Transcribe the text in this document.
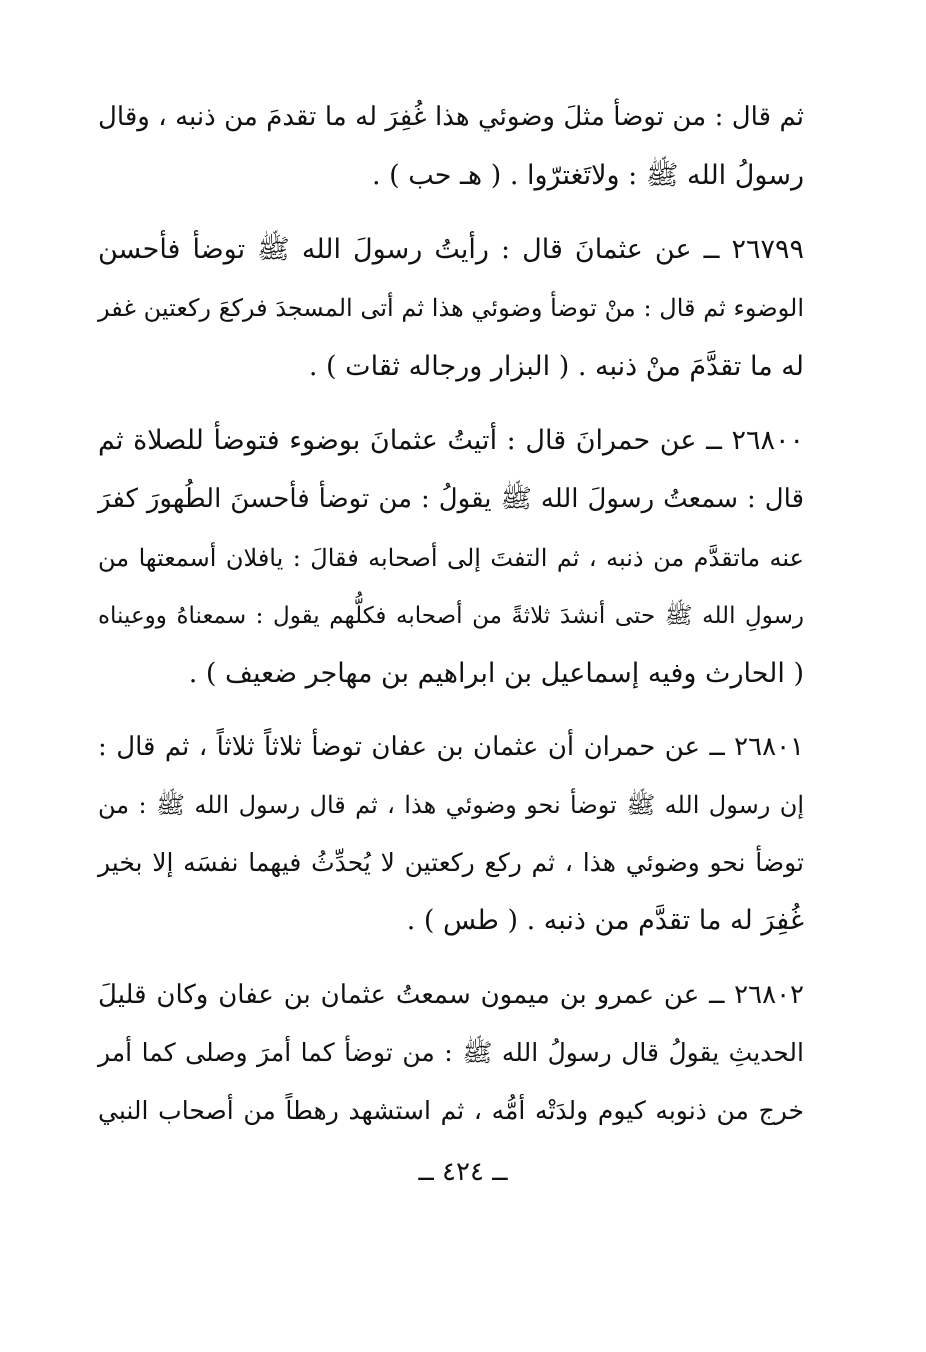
ثم قال : من توضأ مثلَ وضوئي هذا غُفِرَ له ما تقدمَ من ذنبه ، وقال
رسولُ الله ﷺ : ولاتَغترّوا . ( هـ حب ) .
٢٦٧٩٩ ــ عن عثمانَ قال : رأيتُ رسولَ الله ﷺ توضأ فأحسن
الوضوء ثم قال : منْ توضأ وضوئي هذا ثم أتى المسجدَ فركعَ ركعتين غفر
له ما تقدَّمَ منْ ذنبه . ( البزار ورجاله ثقات ) .
٢٦٨٠٠ ــ عن حمرانَ قال : أتيتُ عثمانَ بوضوء فتوضأ للصلاة ثم
قال : سمعتُ رسولَ الله ﷺ يقولُ : من توضأ فأحسنَ الطُهورَ كفرَ
عنه ماتقدَّم من ذنبه ، ثم التفتَ إلى أصحابه فقالَ : يافلان أسمعتها من
رسولِ الله ﷺ حتى أنشدَ ثلاثةً من أصحابه فكلُّهم يقول : سمعناهُ ووعيناه
( الحارث وفيه إسماعيل بن ابراهيم بن مهاجر ضعيف ) .
٢٦٨٠١ ــ عن حمران أن عثمان بن عفان توضأ ثلاثاً ثلاثاً ، ثم قال :
إن رسول الله ﷺ توضأ نحو وضوئي هذا ، ثم قال رسول الله ﷺ : من
توضأ نحو وضوئي هذا ، ثم ركع ركعتين لا يُحدِّثُ فيهما نفسَه إلا بخير
غُفِرَ له ما تقدَّم من ذنبه . ( طس ) .
٢٦٨٠٢ ــ عن عمرو بن ميمون سمعتُ عثمان بن عفان وكان قليلَ
الحديثِ يقولُ قال رسولُ الله ﷺ : من توضأ كما أمرَ وصلى كما أمر
خرج من ذنوبه كيوم ولدَتْه أمُّه ، ثم استشهد رهطاً من أصحاب النبي
ــ ٤٢٤ ــ
